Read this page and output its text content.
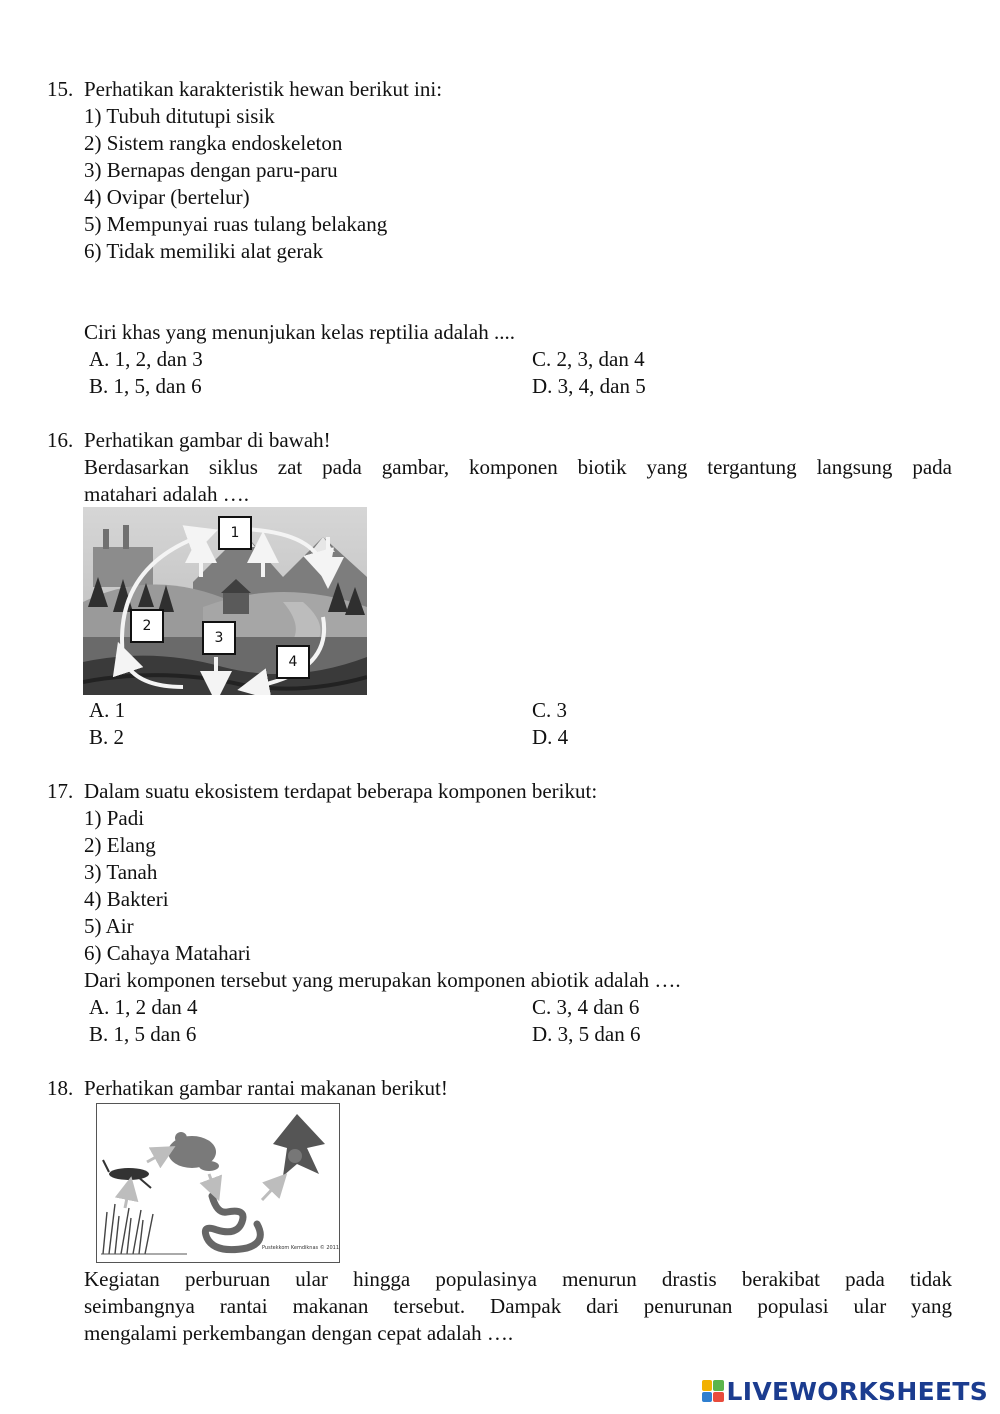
15. Perhatikan karakteristik hewan berikut ini:
1) Tubuh ditutupi sisik
2) Sistem rangka endoskeleton
3) Bernapas dengan paru-paru
4) Ovipar (bertelur)
5) Mempunyai ruas tulang belakang
6) Tidak memiliki alat gerak
Ciri khas yang menunjukan kelas reptilia adalah ....
A. 1, 2, dan 3	C. 2, 3, dan 4
B. 1, 5, dan 6	D. 3, 4, dan 5
16. Perhatikan gambar di bawah!
Berdasarkan siklus zat pada gambar, komponen biotik yang tergantung langsung pada
matahari adalah ….
1
2
3
4
A. 1	C. 3
B. 2	D. 4
17. Dalam suatu ekosistem terdapat beberapa komponen berikut:
1) Padi
2) Elang
3) Tanah
4) Bakteri
5) Air
6) Cahaya Matahari
Dari komponen tersebut yang merupakan komponen abiotik adalah ….
A. 1, 2 dan 4	C. 3, 4 dan 6
B. 1, 5 dan 6	D. 3, 5 dan 6
18. Perhatikan gambar rantai makanan berikut!
Pustekkom Kemdiknas © 2011
Kegiatan perburuan ular hingga populasinya menurun drastis berakibat pada tidak
seimbangnya rantai makanan tersebut. Dampak dari penurunan populasi ular yang
mengalami perkembangan dengan cepat adalah ….
LIVEWORKSHEETS
